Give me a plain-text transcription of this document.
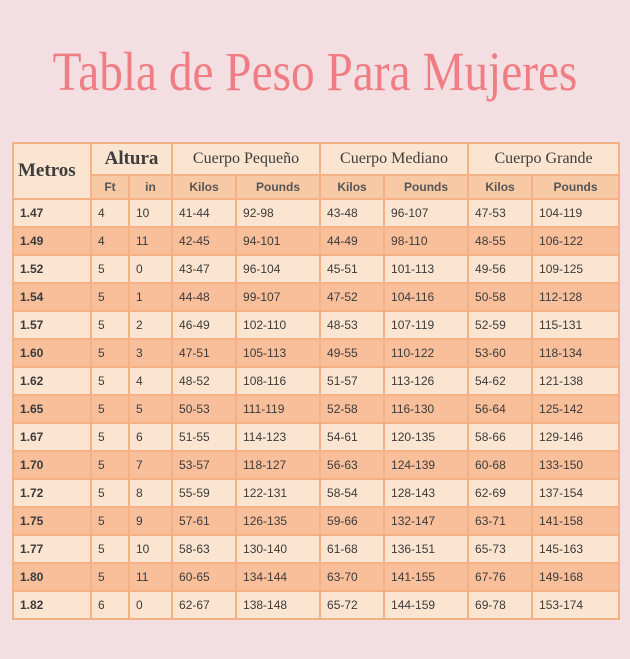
Tabla de Peso Para Mujeres
Metros	Altura		Cuerpo Pequeño		Cuerpo Mediano		Cuerpo Grande	
	Ft	in	Kilos	Pounds	Kilos	Pounds	Kilos	Pounds
1.47	4	10	41-44	92-98	43-48	96-107	47-53	104-119
1.49	4	11	42-45	94-101	44-49	98-110	48-55	106-122
1.52	5	0	43-47	96-104	45-51	101-113	49-56	109-125
1.54	5	1	44-48	99-107	47-52	104-116	50-58	112-128
1.57	5	2	46-49	102-110	48-53	107-119	52-59	115-131
1.60	5	3	47-51	105-113	49-55	110-122	53-60	118-134
1.62	5	4	48-52	108-116	51-57	113-126	54-62	121-138
1.65	5	5	50-53	111-119	52-58	116-130	56-64	125-142
1.67	5	6	51-55	114-123	54-61	120-135	58-66	129-146
1.70	5	7	53-57	118-127	56-63	124-139	60-68	133-150
1.72	5	8	55-59	122-131	58-54	128-143	62-69	137-154
1.75	5	9	57-61	126-135	59-66	132-147	63-71	141-158
1.77	5	10	58-63	130-140	61-68	136-151	65-73	145-163
1.80	5	11	60-65	134-144	63-70	141-155	67-76	149-168
1.82	6	0	62-67	138-148	65-72	144-159	69-78	153-174
